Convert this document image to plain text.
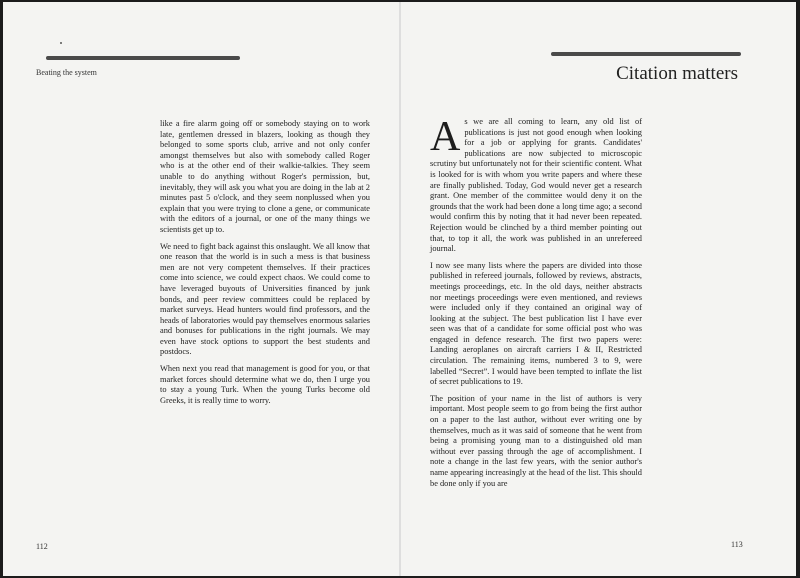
Beating the system	Citation matters

like a fire alarm going off or somebody staying on to work late, gentlemen dressed in blazers, looking as though they belonged to some sports club, arrive and not only confer amongst themselves but also with somebody called Roger who is at the other end of their walkie-talkies. They seem unable to do anything without Roger's permission, but, inevitably, they will ask you what you are doing in the lab at 2 minutes past 5 o'clock, and they seem nonplussed when you explain that you were trying to clone a gene, or communicate with the editors of a journal, or one of the many things we scientists get up to.

We need to fight back against this onslaught. We all know that one reason that the world is in such a mess is that business men are not very competent themselves. If their practices come into science, we could expect chaos. We could come to have leveraged buyouts of Universities financed by junk bonds, and peer review committees could be replaced by market surveys. Head hunters would find professors, and the heads of laboratories would pay themselves enormous salaries and bonuses for publications in the right journals. We may even have stock options to support the best students and postdocs.

When next you read that management is good for you, or that market forces should determine what we do, then I urge you to stay a young Turk. When the young Turks become old Greeks, it is really time to worry.

As we are all coming to learn, any old list of publications is just not good enough when looking for a job or applying for grants. Candidates' publications are now subjected to microscopic scrutiny but unfortunately not for their scientific content. What is looked for is with whom you write papers and where these are finally published. Today, God would never get a research grant. One member of the committee would deny it on the grounds that the work had been done a long time ago; a second would confirm this by noting that it had never been repeated. Rejection would be clinched by a third member pointing out that, to top it all, the work was published in an unrefereed journal.

I now see many lists where the papers are divided into those published in refereed journals, followed by reviews, abstracts, meetings proceedings, etc. In the old days, neither abstracts nor meetings proceedings were even mentioned, and reviews were included only if they contained an original way of looking at the subject. The best publication list I have ever seen was that of a candidate for some official post who was engaged in defence research. The first two papers were: Landing aeroplanes on aircraft carriers I & II, Restricted circulation. The remaining items, numbered 3 to 9, were labelled “Secret”. I would have been tempted to inflate the list of secret publications to 19.

The position of your name in the list of authors is very important. Most people seem to go from being the first author on a paper to the last author, without ever writing one by themselves, much as it was said of someone that he went from being a promising young man to a distinguished old man without ever passing through the age of accomplishment. I note a change in the last few years, with the senior author's name appearing increasingly at the head of the list. This should be done only if you are

112	113
